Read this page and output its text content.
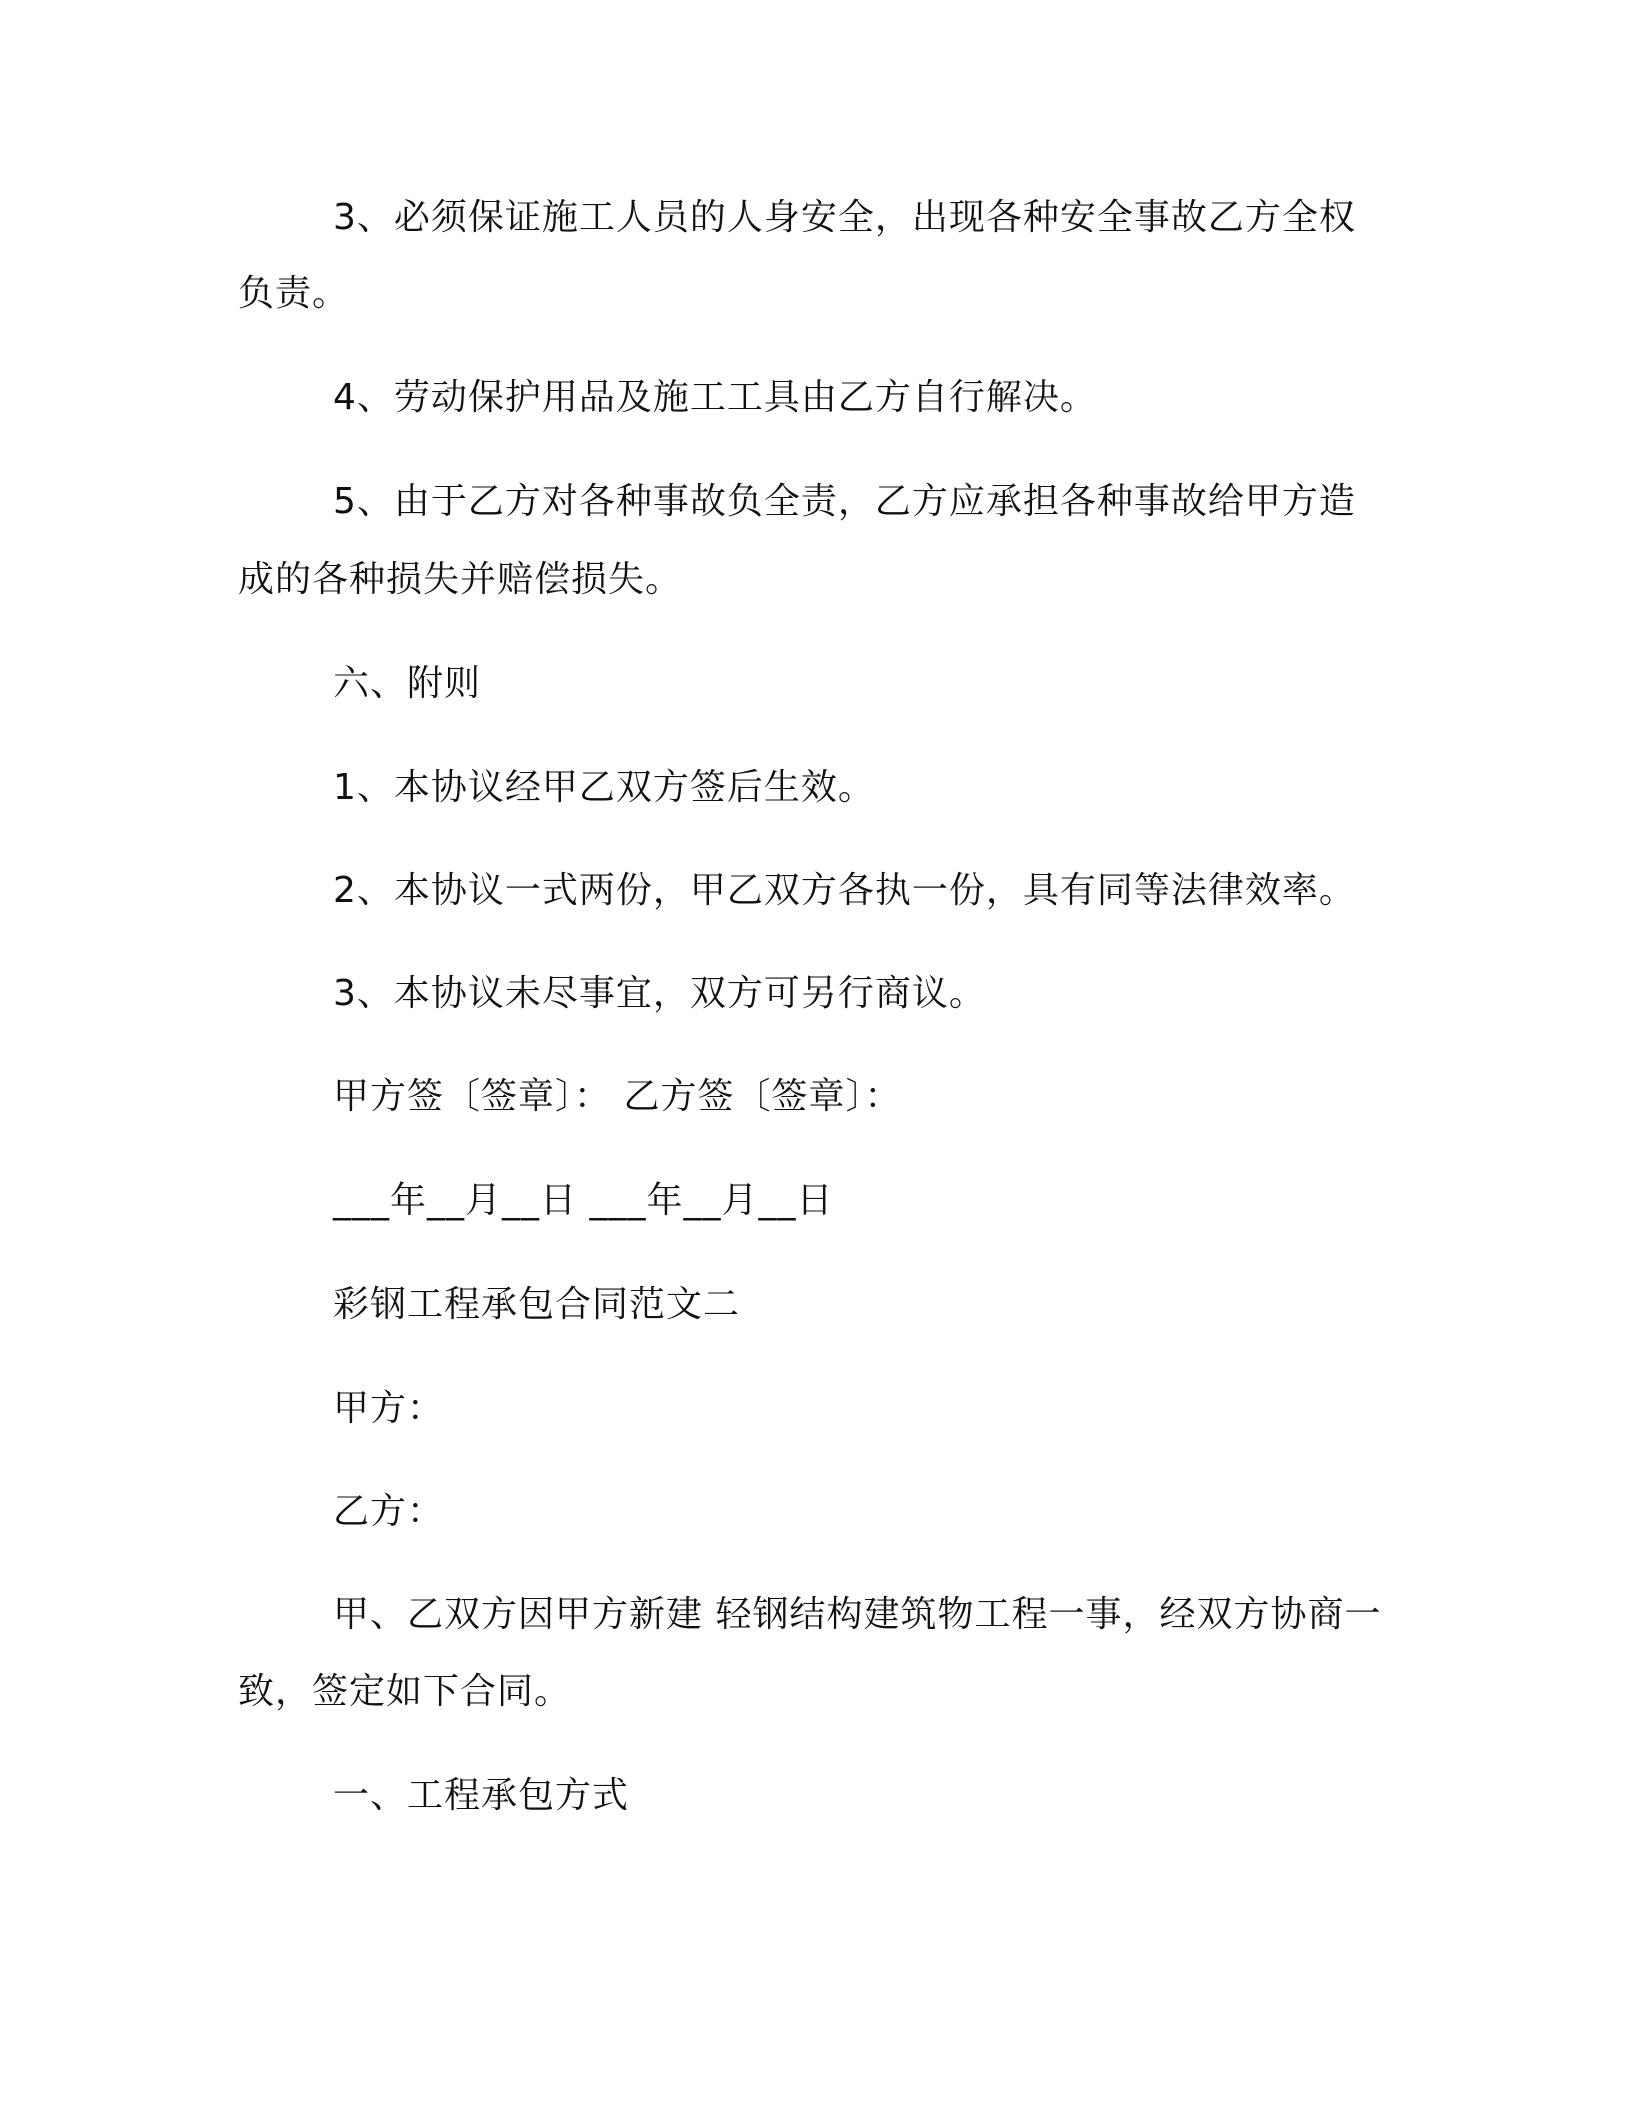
3、必须保证施工人员的人身安全，出现各种安全事故乙方全权
负责。
4、劳动保护用品及施工工具由乙方自行解决。
5、由于乙方对各种事故负全责，乙方应承担各种事故给甲方造
成的各种损失并赔偿损失。
六、附则
1、本协议经甲乙双方签后生效。
2、本协议一式两份，甲乙双方各执一份，具有同等法律效率。
3、本协议未尽事宜，双方可另行商议。
甲方签〔签章〕： 乙方签〔签章〕：
___年__月__日 ___年__月__日
彩钢工程承包合同范文二
甲方：
乙方：
甲、乙双方因甲方新建 轻钢结构建筑物工程一事，经双方协商一
致，签定如下合同。
一、工程承包方式
